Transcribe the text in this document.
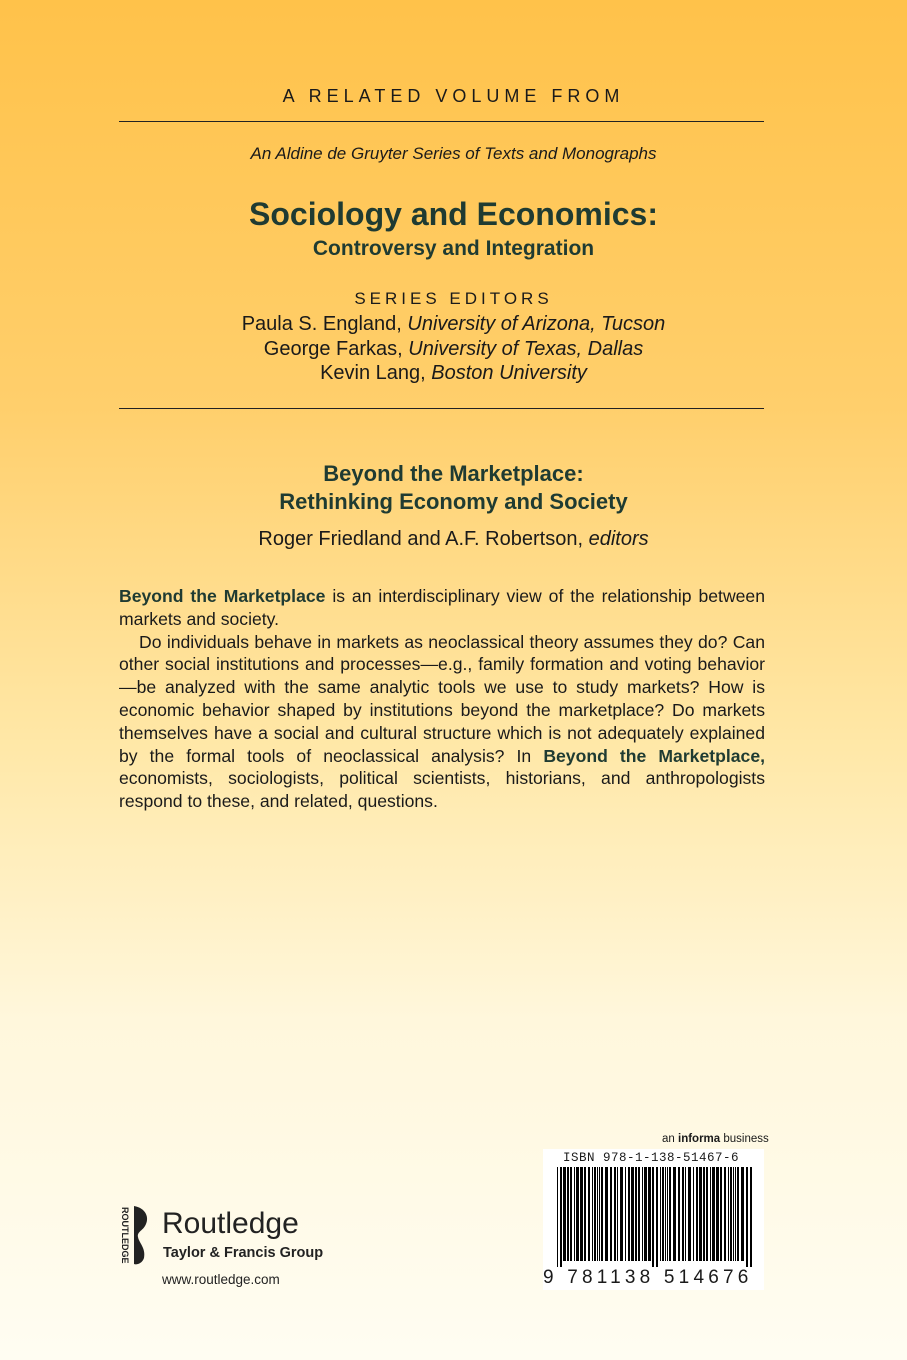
A RELATED VOLUME FROM
An Aldine de Gruyter Series of Texts and Monographs
Sociology and Economics:
Controversy and Integration
SERIES EDITORS
Paula S. England, University of Arizona, Tucson
George Farkas, University of Texas, Dallas
Kevin Lang, Boston University
Beyond the Marketplace:
Rethinking Economy and Society
Roger Friedland and A.F. Robertson, editors

Beyond the Marketplace is an interdisciplinary view of the relationship between markets and society.

Do individuals behave in markets as neoclassical theory assumes they do? Can other social institutions and processes—e.g., family formation and voting behavior—be analyzed with the same analytic tools we use to study markets? How is economic behavior shaped by institutions beyond the marketplace? Do markets themselves have a social and cultural structure which is not adequately explained by the formal tools of neoclassical analysis? In Beyond the Marketplace, economists, sociologists, political scientists, historians, and anthropologists respond to these, and related, questions.

an informa business
ISBN 978-1-138-51467-6
9 781138 514676
ROUTLEDGE Routledge
Taylor & Francis Group
www.routledge.com
